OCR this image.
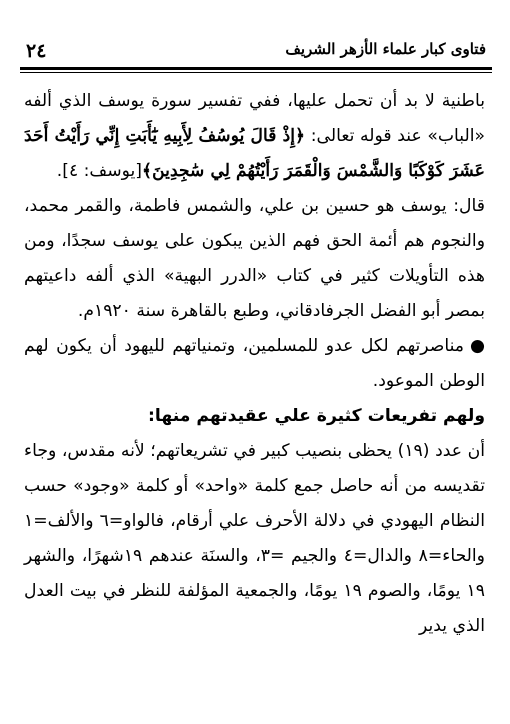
٢٤	فتاوى كبار علماء الأزهر الشريف

باطنية لا بد أن تحمل عليها، ففي تفسير سورة يوسف الذي ألفه «الباب» عند قوله تعالى: ﴿إِذْ قَالَ يُوسُفُ لِأَبِيهِ يَٰٓأَبَتِ إِنِّي رَأَيْتُ أَحَدَ عَشَرَ كَوْكَبًا وَالشَّمْسَ وَالْقَمَرَ رَأَيْتُهُمْ لِي سَٰجِدِينَ﴾[يوسف: ٤].

قال: يوسف هو حسين بن علي، والشمس فاطمة، والقمر محمد، والنجوم هم أئمة الحق فهم الذين يبكون على يوسف سجدًا، ومن هذه التأويلات كثير في كتاب «الدرر البهية» الذي ألفه داعيتهم بمصر أبو الفضل الجرفادقاني، وطبع بالقاهرة سنة ١٩٢٠م.

●مناصرتهم لكل عدو للمسلمين، وتمنياتهم لليهود أن يكون لهم الوطن الموعود.

ولهم تفريعات كثيرة علي عقيدتهم منها:

أن عدد (١٩) يحظى بنصيب كبير في تشريعاتهم؛ لأنه مقدس، وجاء تقديسه من أنه حاصل جمع كلمة «واحد» أو كلمة «وجود» حسب النظام اليهودي في دلالة الأحرف علي أرقام، فالواو=٦ والألف=١ والحاء=٨ والدال=٤ والجيم =٣، والسنَة عندهم ١٩شهرًا، والشهر ١٩ يومًا، والصوم ١٩ يومًا، والجمعية المؤلفة للنظر في بيت العدل الذي يدير
